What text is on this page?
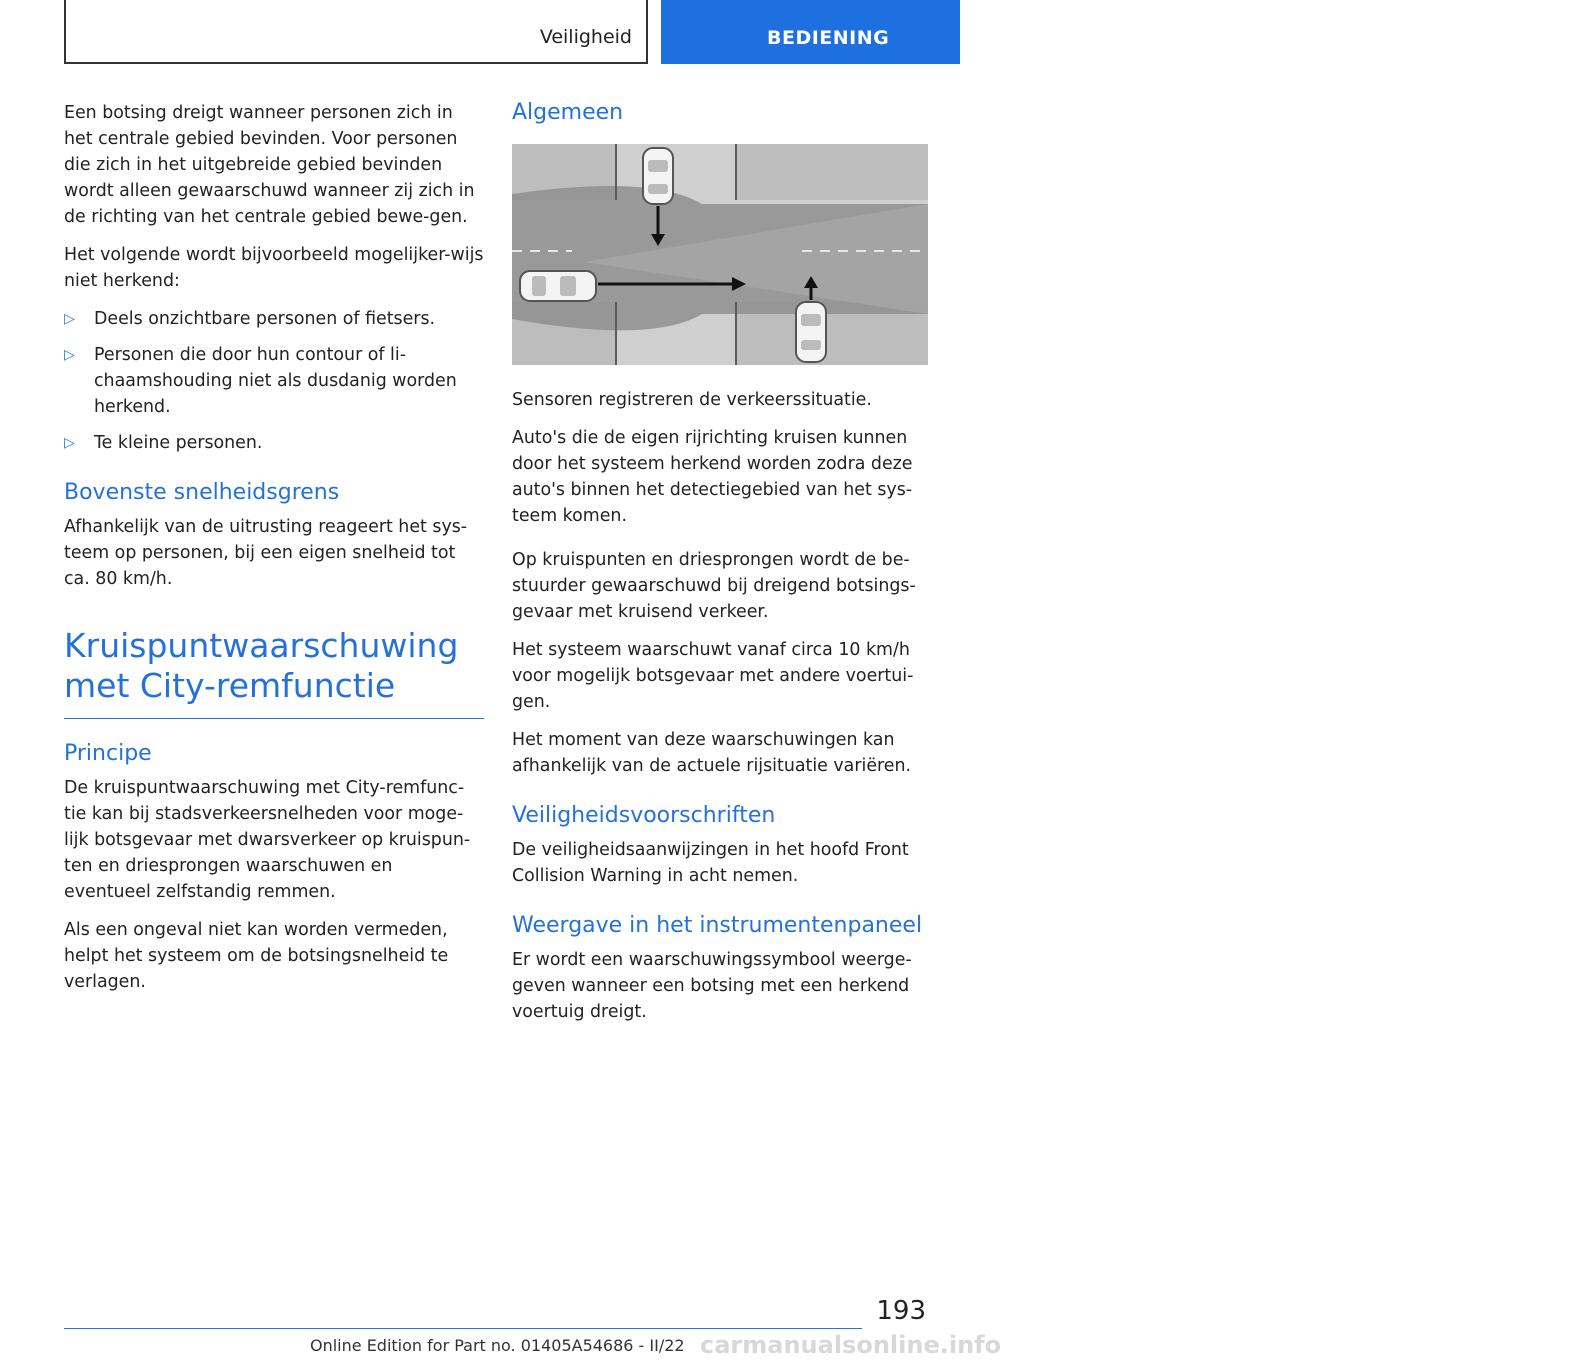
Veiligheid	BEDIENING

Een botsing dreigt wanneer personen zich in het centrale gebied bevinden. Voor personen die zich in het uitgebreide gebied bevinden wordt alleen gewaarschuwd wanneer zij zich in de richting van het centrale gebied bewe-gen.

Het volgende wordt bijvoorbeeld mogelijker-wijs niet herkend:

▷ Deels onzichtbare personen of fietsers.
▷ Personen die door hun contour of li-chaamshouding niet als dusdanig worden herkend.
▷ Te kleine personen.
Bovenste snelheidsgrens

Afhankelijk van de uitrusting reageert het sys-teem op personen, bij een eigen snelheid tot ca. 80 km/h.

Kruispuntwaarschuwing met City-remfunctie
Principe

De kruispuntwaarschuwing met City-remfunc-tie kan bij stadsverkeersnelheden voor moge-lijk botsgevaar met dwarsverkeer op kruispun-ten en driesprongen waarschuwen en eventueel zelfstandig remmen.

Als een ongeval niet kan worden vermeden, helpt het systeem om de botsingsnelheid te verlagen.

Algemeen

Sensoren registreren de verkeerssituatie.

Auto's die de eigen rijrichting kruisen kunnen door het systeem herkend worden zodra deze auto's binnen het detectiegebied van het sys-teem komen.

Op kruispunten en driesprongen wordt de be-stuurder gewaarschuwd bij dreigend botsings-gevaar met kruisend verkeer.

Het systeem waarschuwt vanaf circa 10 km/h voor mogelijk botsgevaar met andere voertui-gen.

Het moment van deze waarschuwingen kan afhankelijk van de actuele rijsituatie variëren.

Veiligheidsvoorschriften

De veiligheidsaanwijzingen in het hoofd Front Collision Warning in acht nemen.

Weergave in het instrumentenpaneel

Er wordt een waarschuwingssymbool weerge-geven wanneer een botsing met een herkend voertuig dreigt.

193
Online Edition for Part no. 01405A54686 - II/22 carmanualsonline.info
